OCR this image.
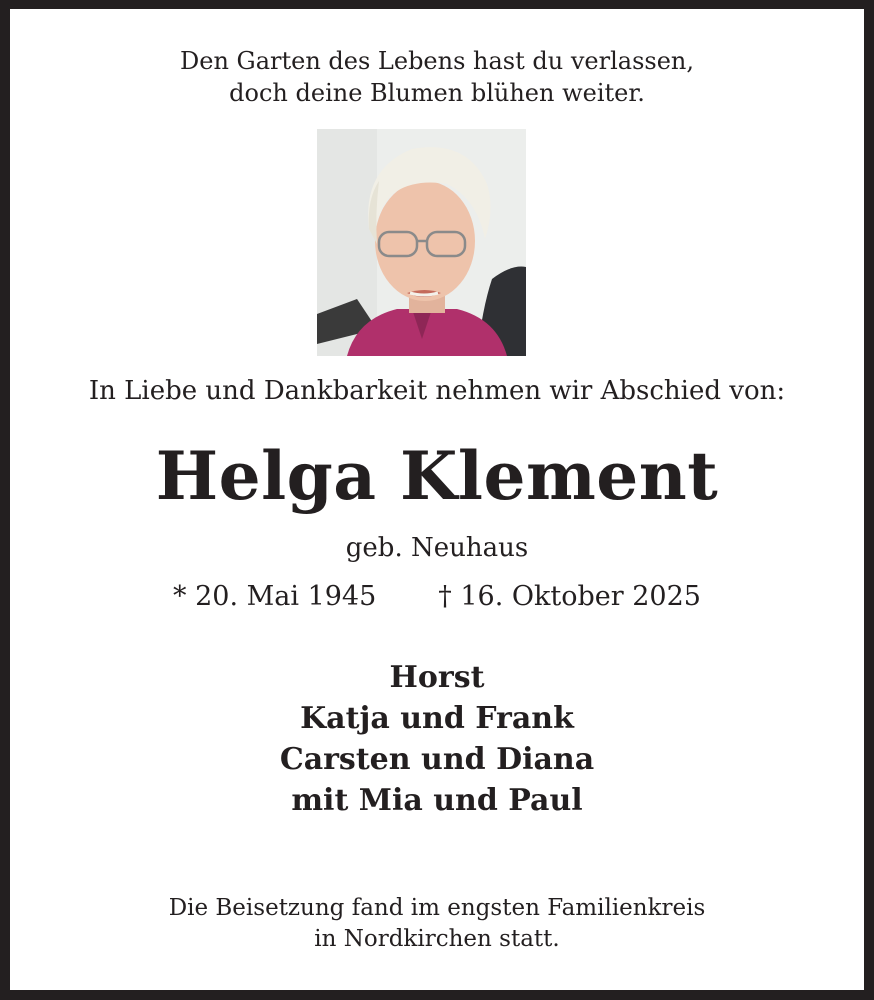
Den Garten des Lebens hast du verlassen,
doch deine Blumen blühen weiter.
In Liebe und Dankbarkeit nehmen wir Abschied von:
Helga Klement
geb. Neuhaus
* 20. Mai 1945 † 16. Oktober 2025
Horst
Katja und Frank
Carsten und Diana
mit Mia und Paul
Die Beisetzung fand im engsten Familienkreis
in Nordkirchen statt.
